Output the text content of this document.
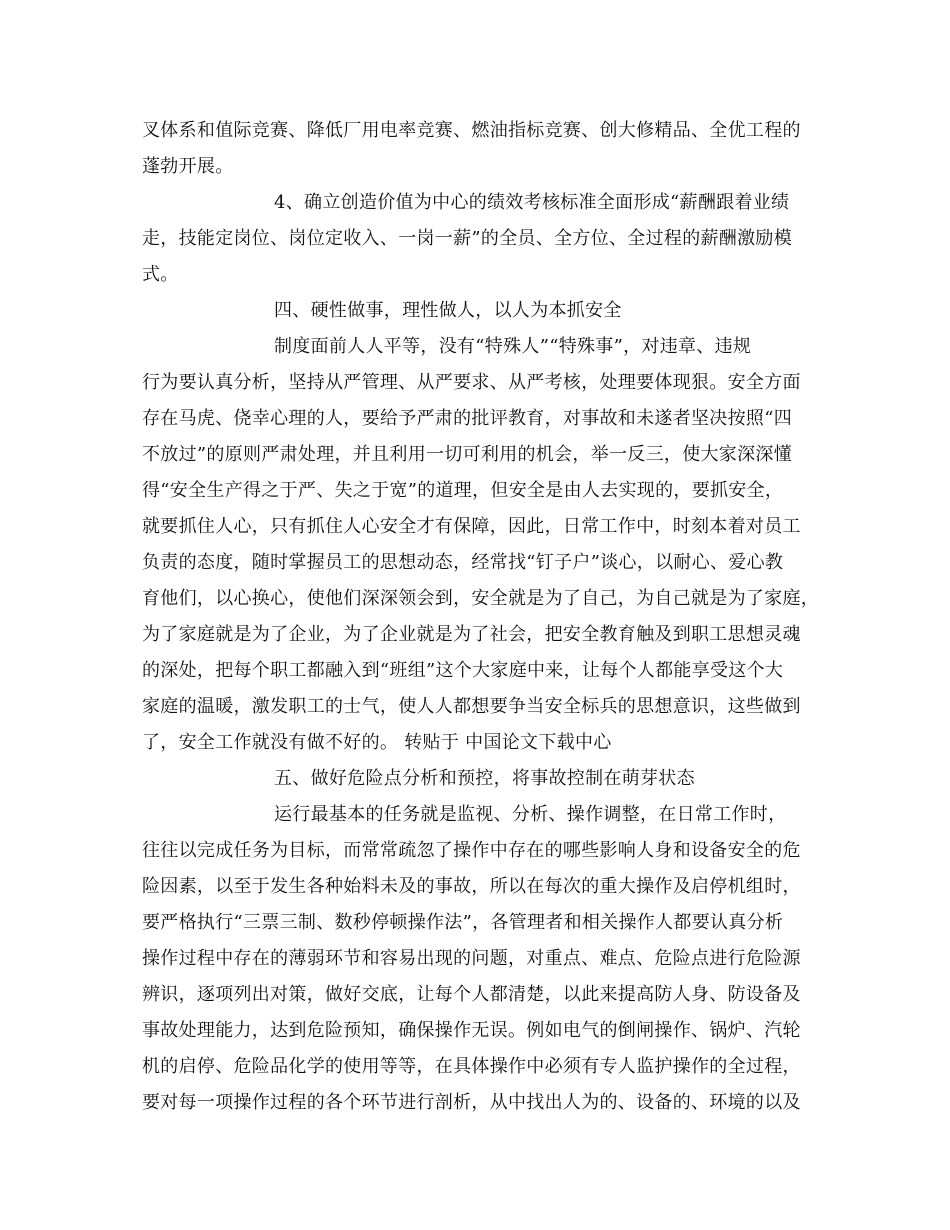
叉体系和值际竞赛、降低厂用电率竞赛、燃油指标竞赛、创大修精品、全优工程的
蓬勃开展。
4、确立创造价值为中心的绩效考核标准全面形成“薪酬跟着业绩
走，技能定岗位、岗位定收入、一岗一薪”的全员、全方位、全过程的薪酬激励模
式。
四、硬性做事，理性做人，以人为本抓安全
制度面前人人平等，没有“特殊人”“特殊事”，对违章、违规
行为要认真分析，坚持从严管理、从严要求、从严考核，处理要体现狠。安全方面
存在马虎、侥幸心理的人，要给予严肃的批评教育，对事故和未遂者坚决按照“四
不放过”的原则严肃处理，并且利用一切可利用的机会，举一反三，使大家深深懂
得“安全生产得之于严、失之于宽”的道理，但安全是由人去实现的，要抓安全，
就要抓住人心，只有抓住人心安全才有保障，因此，日常工作中，时刻本着对员工
负责的态度，随时掌握员工的思想动态，经常找“钉子户”谈心，以耐心、爱心教
育他们，以心换心，使他们深深领会到，安全就是为了自己，为自己就是为了家庭，
为了家庭就是为了企业，为了企业就是为了社会，把安全教育触及到职工思想灵魂
的深处，把每个职工都融入到“班组”这个大家庭中来，让每个人都能享受这个大
家庭的温暖，激发职工的士气，使人人都想要争当安全标兵的思想意识，这些做到
了，安全工作就没有做不好的。 转贴于 中国论文下载中心
五、做好危险点分析和预控，将事故控制在萌芽状态
运行最基本的任务就是监视、分析、操作调整，在日常工作时，
往往以完成任务为目标，而常常疏忽了操作中存在的哪些影响人身和设备安全的危
险因素，以至于发生各种始料未及的事故，所以在每次的重大操作及启停机组时，
要严格执行“三票三制、数秒停顿操作法”，各管理者和相关操作人都要认真分析
操作过程中存在的薄弱环节和容易出现的问题，对重点、难点、危险点进行危险源
辨识，逐项列出对策，做好交底，让每个人都清楚，以此来提高防人身、防设备及
事故处理能力，达到危险预知，确保操作无误。例如电气的倒闸操作、锅炉、汽轮
机的启停、危险品化学的使用等等，在具体操作中必须有专人监护操作的全过程，
要对每一项操作过程的各个环节进行剖析，从中找出人为的、设备的、环境的以及
